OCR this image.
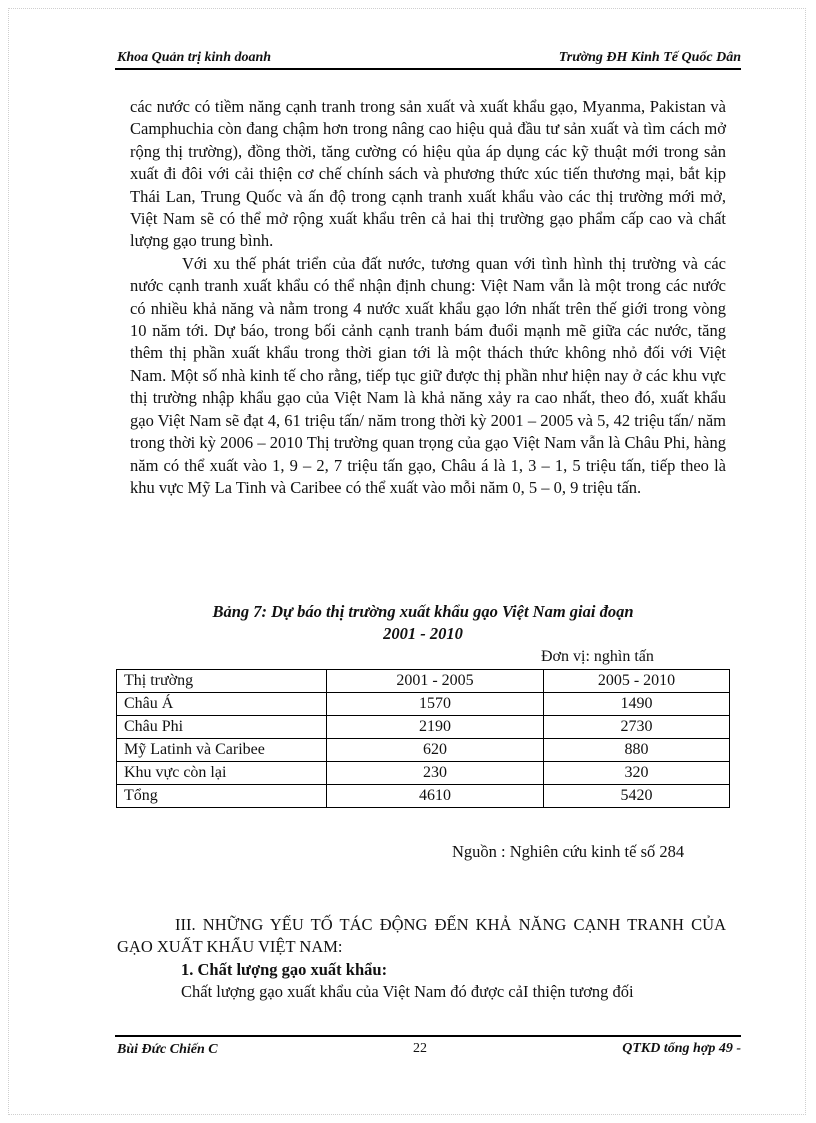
Khoa Quản trị kinh doanh	Trường ĐH Kinh Tế Quốc Dân

các nước có tiềm năng cạnh tranh trong sản xuất và xuất khẩu gạo, Myanma, Pakistan và Camphuchia còn đang chậm hơn trong nâng cao hiệu quả đầu tư sản xuất và tìm cách mở rộng thị trường), đồng thời, tăng cường có hiệu qủa áp dụng các kỹ thuật mới trong sản xuất đi đôi với cải thiện cơ chế chính sách và phương thức xúc tiến thương mại, bắt kịp Thái Lan, Trung Quốc và ấn độ trong cạnh tranh xuất khẩu vào các thị trường mới mở, Việt Nam sẽ có thể mở rộng xuất khẩu trên cả hai thị trường gạo phẩm cấp cao và chất lượng gạo trung bình.

Với xu thế phát triển của đất nước, tương quan với tình hình thị trường và các nước cạnh tranh xuất khẩu có thể nhận định chung: Việt Nam vẫn là một trong các nước có nhiều khả năng và nằm trong 4 nước xuất khẩu gạo lớn nhất trên thế giới trong vòng 10 năm tới. Dự báo, trong bối cảnh cạnh tranh bám đuổi mạnh mẽ giữa các nước, tăng thêm thị phần xuất khẩu trong thời gian tới là một thách thức không nhỏ đối với Việt Nam. Một số nhà kinh tế cho rằng, tiếp tục giữ được thị phần như hiện nay ở các khu vực thị trường nhập khẩu gạo của Việt Nam là khả năng xảy ra cao nhất, theo đó, xuất khẩu gạo Việt Nam sẽ đạt 4, 61 triệu tấn/ năm trong thời kỳ 2001 – 2005 và 5, 42 triệu tấn/ năm trong thời kỳ 2006 – 2010 Thị trường quan trọng của gạo Việt Nam vẫn là Châu Phi, hàng năm có thể xuất vào 1, 9 – 2, 7 triệu tấn gạo, Châu á là 1, 3 – 1, 5 triệu tấn, tiếp theo là khu vực Mỹ La Tinh và Caribee có thể xuất vào mỗi năm 0, 5 – 0, 9 triệu tấn.

Bảng 7: Dự báo thị trường xuất khẩu gạo Việt Nam giai đoạn
2001 - 2010
Đơn vị: nghìn tấn
Thị trường	2001 - 2005	2005 - 2010
Châu Á	1570	1490
Châu Phi	2190	2730
Mỹ Latinh và Caribee	620	880
Khu vực còn lại	230	320
Tổng	4610	5420
Nguồn : Nghiên cứu kinh tế số 284

III. NHỮNG YẾU TỐ TÁC ĐỘNG ĐẾN KHẢ NĂNG CẠNH TRANH CỦA GẠO XUẤT KHẨU VIỆT NAM:

1. Chất lượng gạo xuất khẩu:

Chất lượng gạo xuất khẩu của Việt Nam đó được cảI thiện tương đối

Bùi Đức Chiến C	22	QTKD tổng hợp 49 -
